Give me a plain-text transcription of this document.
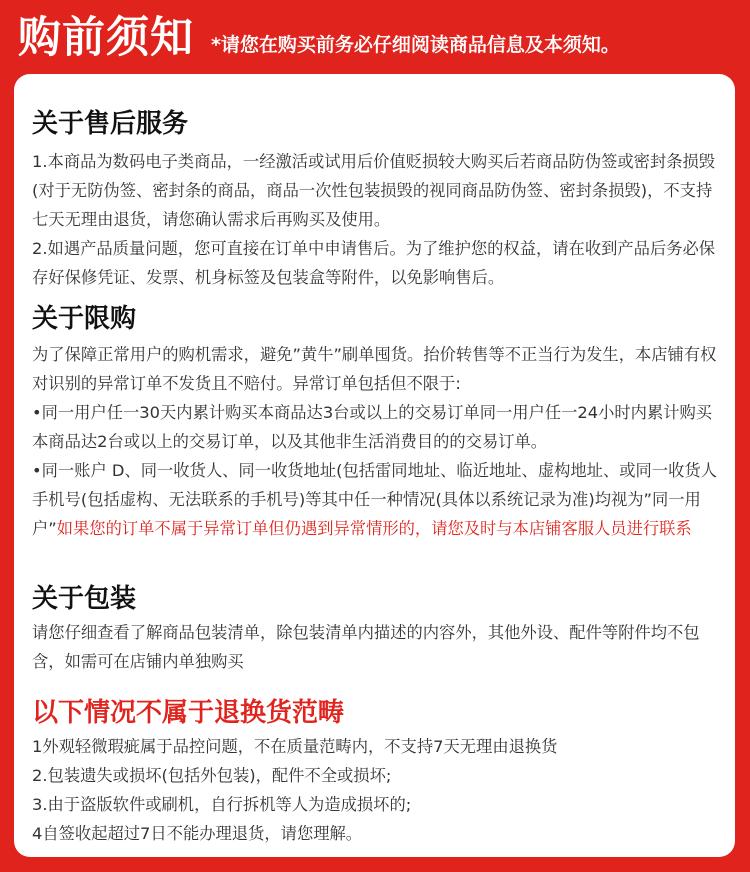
购前须知 *请您在购买前务必仔细阅读商品信息及本须知。
关于售后服务

1.本商品为数码电子类商品，一经激活或试用后价值贬损较大购买后若商品防伪签或密封条损毁(对于无防伪签、密封条的商品，商品一次性包装损毁的视同商品防伪签、密封条损毁)，不支持七天无理由退货，请您确认需求后再购买及使用。

2.如遇产品质量问题，您可直接在订单中申请售后。为了维护您的权益，请在收到产品后务必保存好保修凭证、发票、机身标签及包装盒等附件，以免影响售后。

关于限购

为了保障正常用户的购机需求，避免”黄牛”刷单囤货。抬价转售等不正当行为发生，本店铺有权对识别的异常订单不发货且不赔付。异常订单包括但不限于:

•同一用户任一30天内累计购买本商品达3台或以上的交易订单同一用户任一24小时内累计购买本商品达2台或以上的交易订单，以及其他非生活消费目的的交易订单。

•同一账户 D、同一收货人、同一收货地址(包括雷同地址、临近地址、虚构地址、或同一收货人手机号(包括虚构、无法联系的手机号)等其中任一种情况(具体以系统记录为准)均视为”同一用户”如果您的订单不属于异常订单但仍遇到异常情形的，请您及时与本店铺客服人员进行联系

关于包装

请您仔细查看了解商品包装清单，除包装清单内描述的内容外，其他外设、配件等附件均不包含，如需可在店铺内单独购买

以下情况不属于退换货范畴

1外观轻微瑕疵属于品控问题，不在质量范畴内，不支持7天无理由退换货

2.包装遗失或损坏(包括外包装)，配件不全或损坏;

3.由于盗版软件或刷机，自行拆机等人为造成损坏的;

4自签收起超过7日不能办理退货，请您理解。
